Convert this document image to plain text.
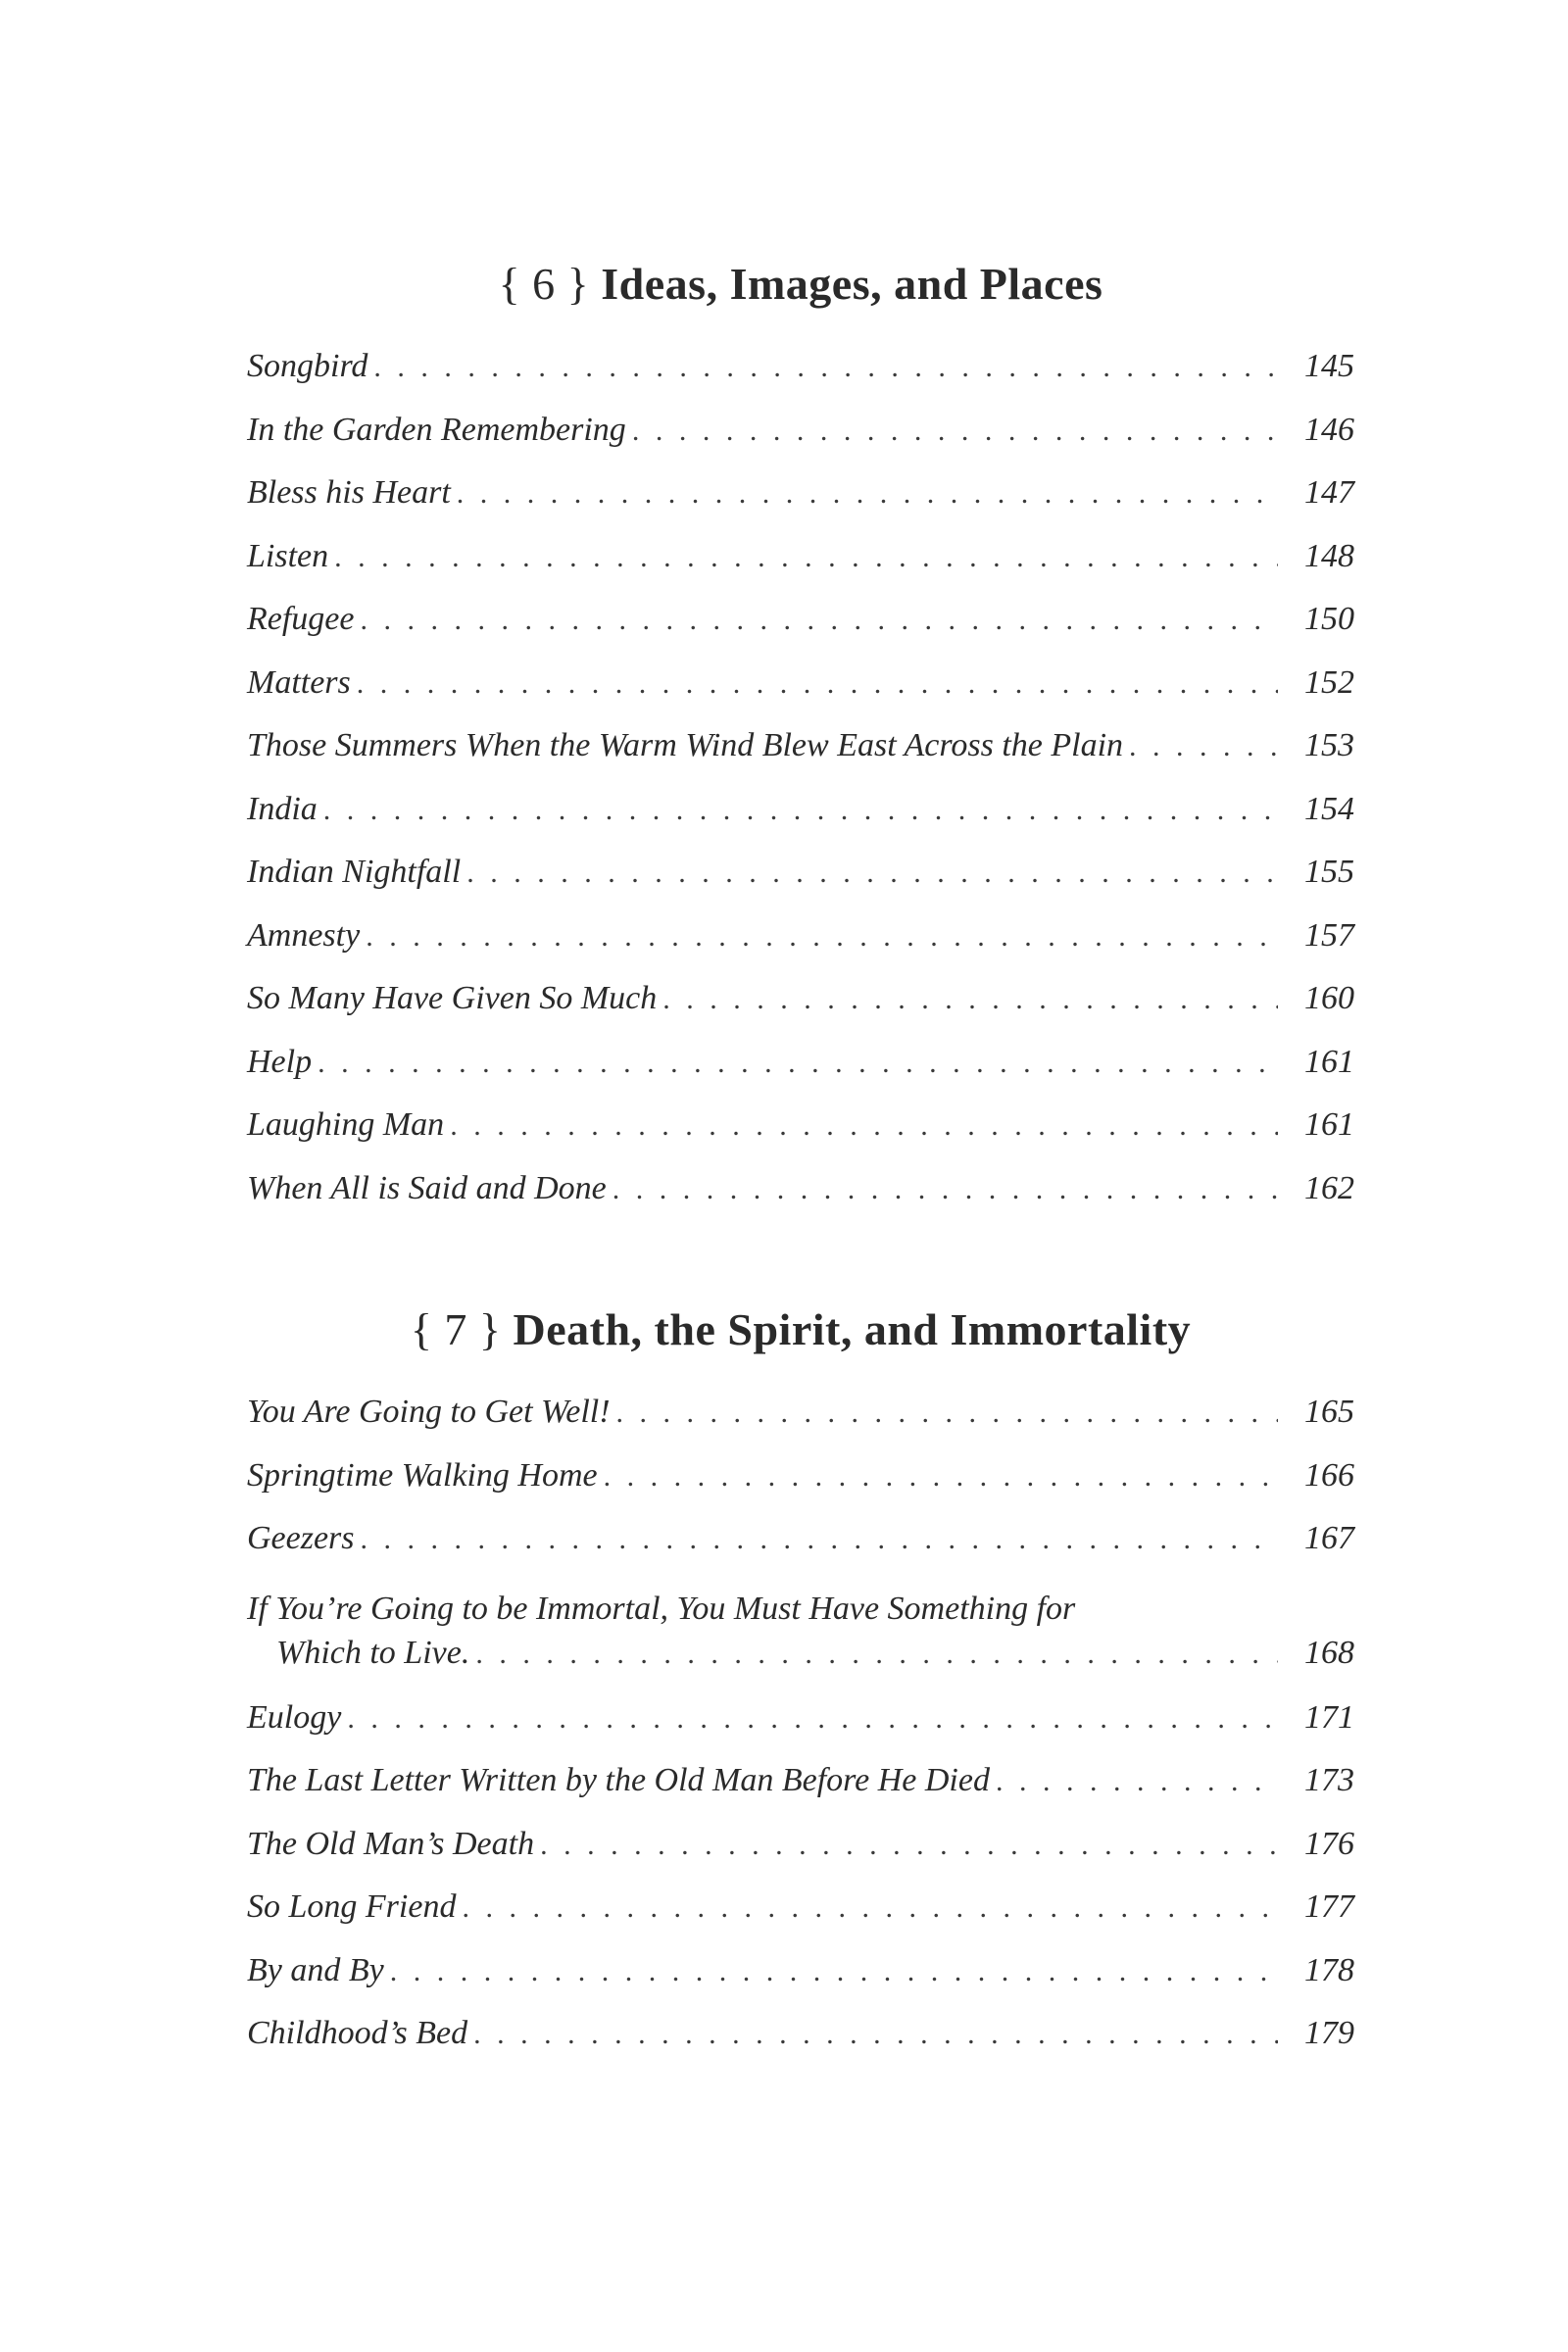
{ 6 } Ideas, Images, and Places
Songbird . . .	145
In the Garden Remembering . . .	146
Bless his Heart . . .	147
Listen . . .	148
Refugee . . .	150
Matters . . .	152
Those Summers When the Warm Wind Blew East Across the Plain . . .	153
India . . .	154
Indian Nightfall . . .	155
Amnesty . . .	157
So Many Have Given So Much . . .	160
Help . . .	161
Laughing Man . . .	161
When All is Said and Done . . .	162
{ 7 } Death, the Spirit, and Immortality
You Are Going to Get Well! . . .	165
Springtime Walking Home . . .	166
Geezers . . .	167
If You’re Going to be Immortal, You Must Have Something for
Which to Live. . . .	168
Eulogy . . .	171
The Last Letter Written by the Old Man Before He Died . . .	173
The Old Man’s Death . . .	176
So Long Friend . . .	177
By and By . . .	178
Childhood’s Bed . . .	179
